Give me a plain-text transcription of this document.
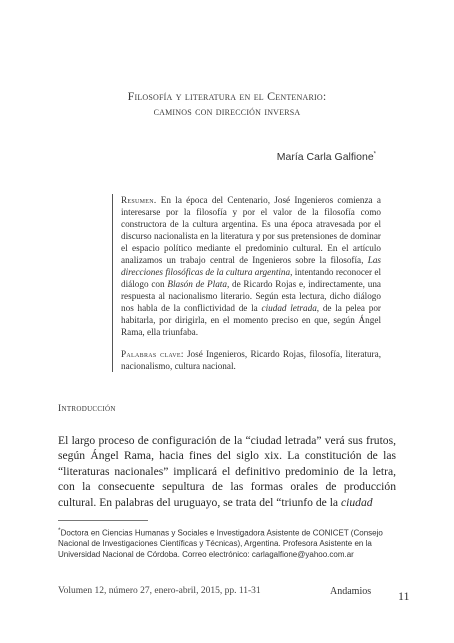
Filosofía y literatura en el Centenario:
caminos con dirección inversa
María Carla Galfione*

Resumen. En la época del Centenario, José Ingenieros comienza a interesarse por la filosofía y por el valor de la filosofía como constructora de la cultura argentina. Es una época atravesada por el discurso nacionalista en la literatura y por sus pretensiones de dominar el espacio político mediante el predominio cultural. En el artículo analizamos un trabajo central de Ingenieros sobre la filosofía, Las direcciones filosóficas de la cultura argentina, intentando reconocer el diálogo con Blasón de Plata, de Ricardo Rojas e, indirectamente, una respuesta al nacionalismo literario. Según esta lectura, dicho diálogo nos habla de la conflictividad de la ciudad letrada, de la pelea por habitarla, por dirigirla, en el momento preciso en que, según Ángel Rama, ella triunfaba.

Palabras clave: José Ingenieros, Ricardo Rojas, filosofía, literatura, nacionalismo, cultura nacional.

Introducción

El largo proceso de configuración de la “ciudad letrada” verá sus frutos, según Ángel Rama, hacia fines del siglo xix. La constitución de las “literaturas nacionales” implicará el definitivo predominio de la letra, con la consecuente sepultura de las formas orales de producción cultural. En palabras del uruguayo, se trata del “triunfo de la ciudad

*Doctora en Ciencias Humanas y Sociales e Investigadora Asistente de CONICET (Consejo Nacional de Investigaciones Científicas y Técnicas), Argentina. Profesora Asistente en la Universidad Nacional de Córdoba. Correo electrónico: carlagalfione@yahoo.com.ar

Volumen 12, número 27, enero-abril, 2015, pp. 11-31	Andamios 11
